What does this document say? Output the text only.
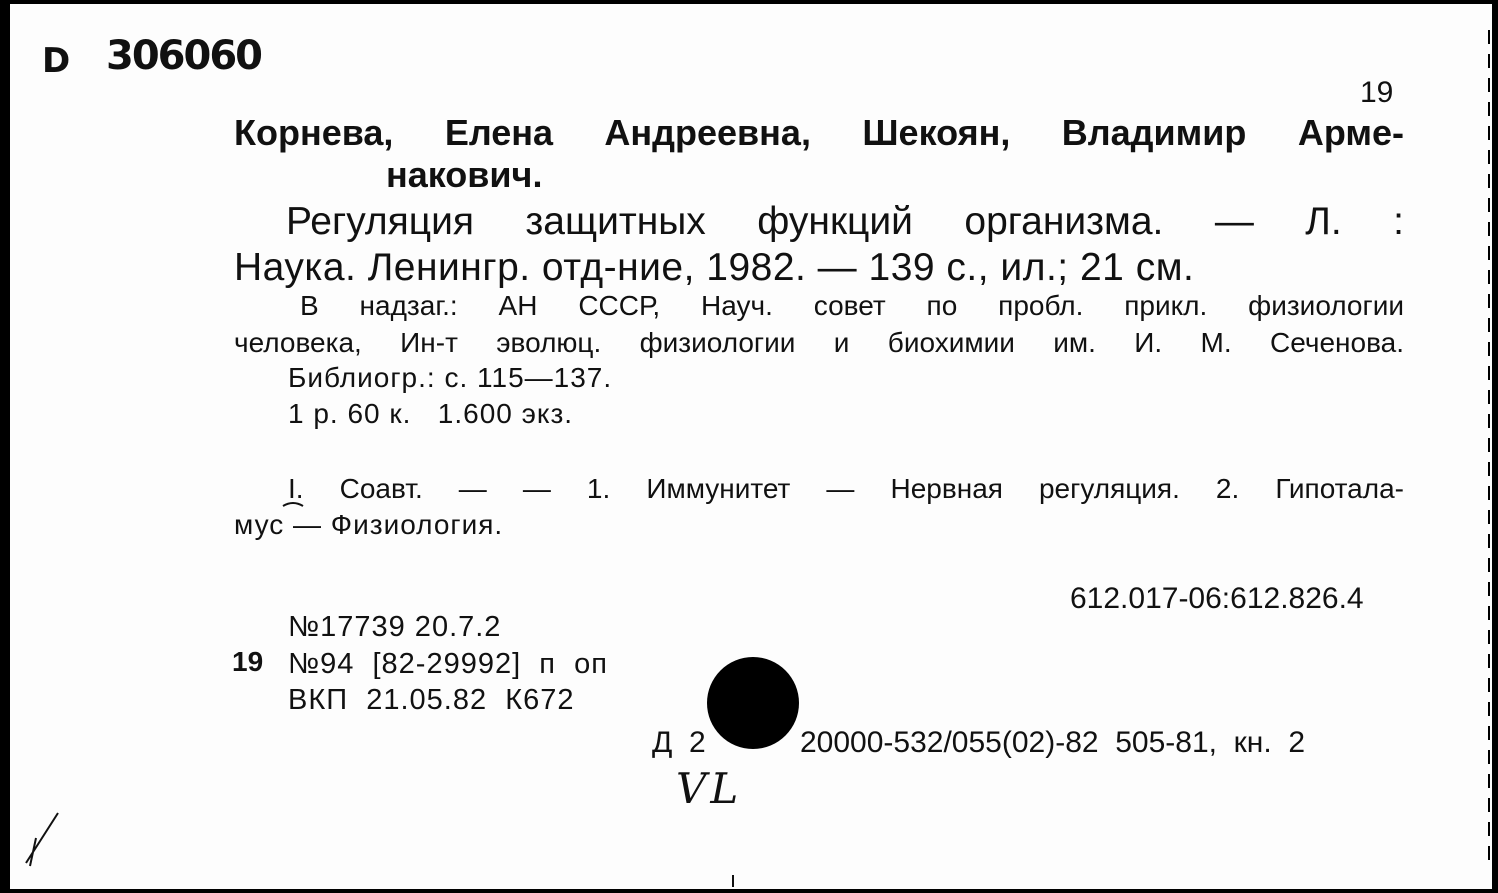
D 306060
19
Корнева, Елена Андреевна, Шекоян, Владимир Арме-
накович.
Регуляция защитных функций организма. — Л. :
Наука. Ленингр. отд-ние, 1982. — 139 с., ил.; 21 см.
В надзаг.: АН СССР, Науч. совет по пробл. прикл. физиологии
человека, Ин-т эволюц. физиологии и биохимии им. И. М. Сеченова.
Библиогр.: с. 115—137.
1 р. 60 к.   1.600 экз.
I. Соавт. — — 1. Иммунитет — Нервная регуляция. 2. Гипотала-
мус — Физиология.
612.017-06:612.826.4
№17739 20.7.2
19 №94  [82-29992]  п  оп
ВКП  21.05.82  К672
Д  2	20000-532/055(02)-82  505-81,  кн.  2
VL
